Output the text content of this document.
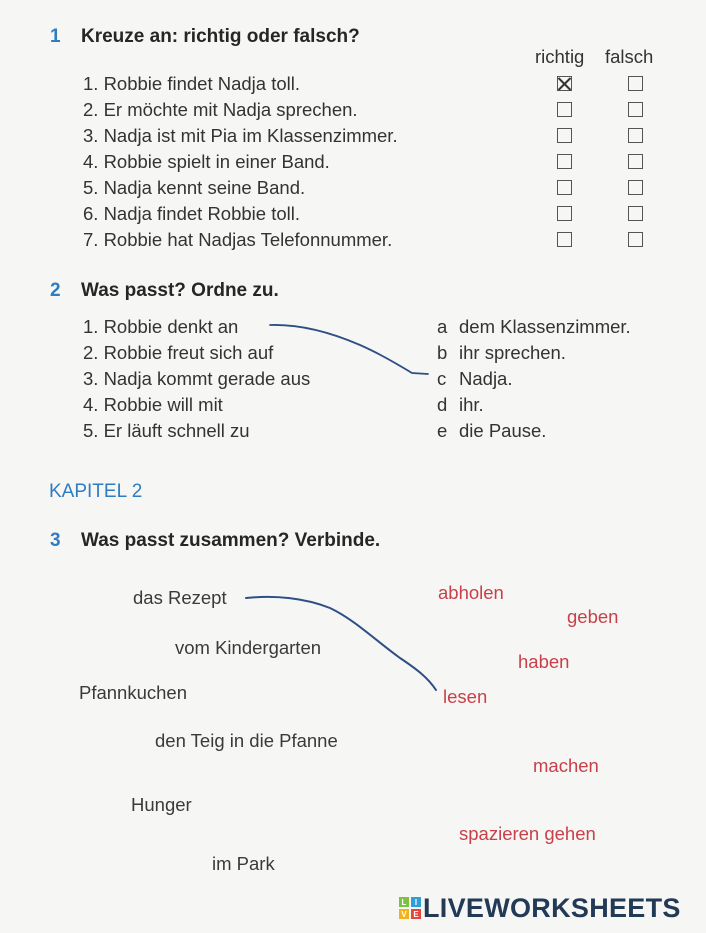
1 Kreuze an: richtig oder falsch?
richtig falsch
1. Robbie findet Nadja toll.
2. Er möchte mit Nadja sprechen.
3. Nadja ist mit Pia im Klassenzimmer.
4. Robbie spielt in einer Band.
5. Nadja kennt seine Band.
6. Nadja findet Robbie toll.
7. Robbie hat Nadjas Telefonnummer.
2 Was passt? Ordne zu.
1. Robbie denkt an
2. Robbie freut sich auf
3. Nadja kommt gerade aus
4. Robbie will mit
5. Er läuft schnell zu
a
b
c
d
e
dem Klassenzimmer.
ihr sprechen.
Nadja.
ihr.
die Pause.
KAPITEL 2
3 Was passt zusammen? Verbinde.
das Rezept
vom Kindergarten
Pfannkuchen
den Teig in die Pfanne
Hunger
im Park
abholen
geben
haben
lesen
machen
spazieren gehen
L I
V E LIVEWORKSHEETS
